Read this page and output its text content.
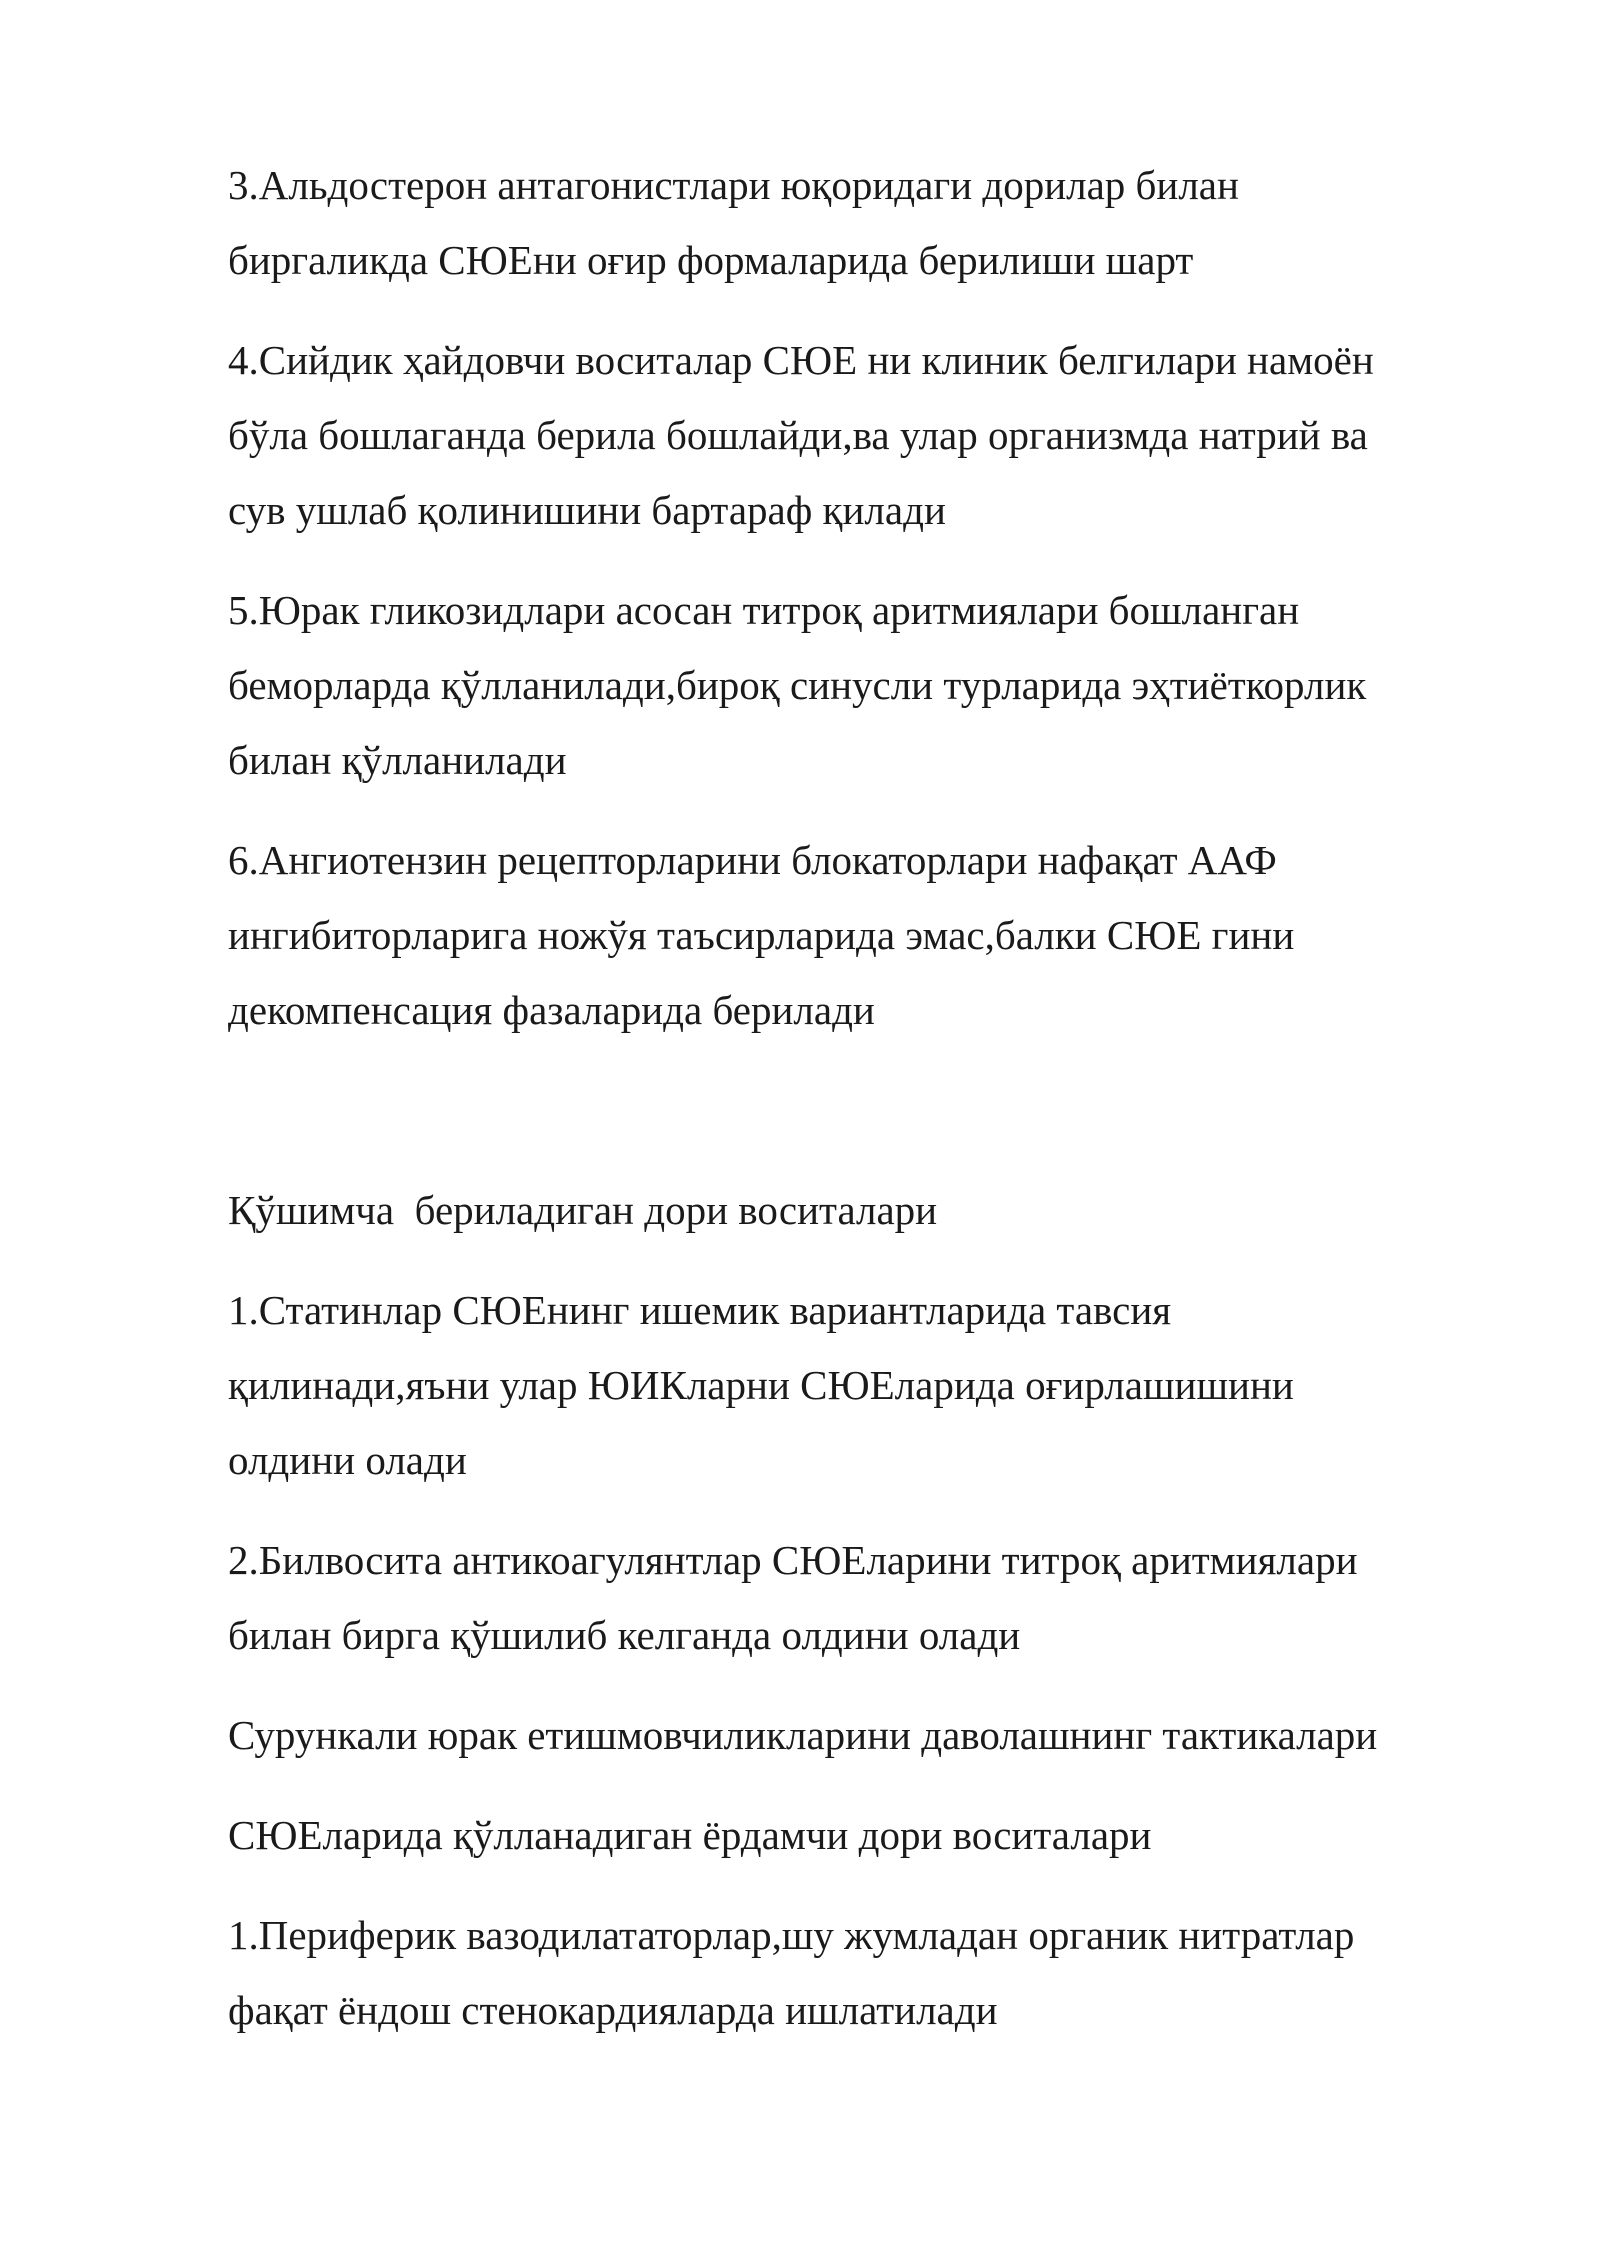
3.Альдостерон антагонистлари юқоридаги дорилар билан
биргаликда СЮЕни оғир формаларида берилиши шарт

4.Сийдик ҳайдовчи воситалар СЮЕ ни клиник белгилари намоён
бўла бошлаганда берила бошлайди,ва улар организмда натрий ва
сув ушлаб қолинишини бартараф қилади

5.Юрак гликозидлари асосан титроқ аритмиялари бошланган
беморларда қўлланилади,бироқ синусли турларида эҳтиёткорлик
билан қўлланилади

6.Ангиотензин рецепторларини блокаторлари нафақат ААФ
ингибиторларига ножўя таъсирларида эмас,балки СЮЕ гини
декомпенсация фазаларида берилади

Қўшимча  бериладиган дори воситалари

1.Статинлар СЮЕнинг ишемик вариантларида тавсия
қилинади,яъни улар ЮИКларни СЮЕларида оғирлашишини
олдини олади

2.Билвосита антикоагулянтлар СЮЕларини титроқ аритмиялари
билан бирга қўшилиб келганда олдини олади

Сурункали юрак етишмовчиликларини даволашнинг тактикалари

СЮЕларида қўлланадиган ёрдамчи дори воситалари

1.Периферик вазодилататорлар,шу жумладан органик нитратлар
фақат ёндош стенокардияларда ишлатилади
